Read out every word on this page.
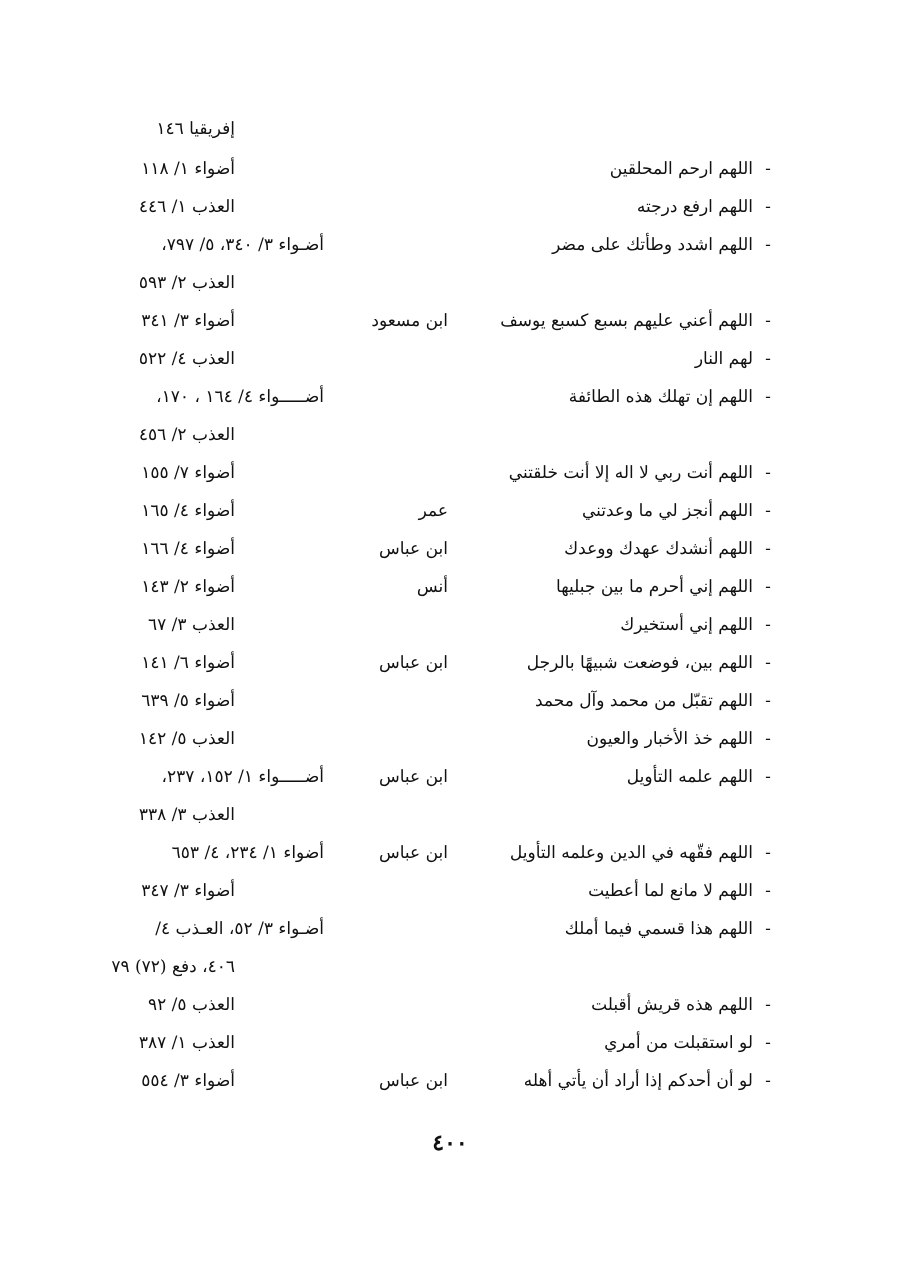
إفريقيا ١٤٦
-
اللهم ارحم المحلقين
أضواء ١/ ١١٨
-
اللهم ارفع درجته
العذب ١/ ٤٤٦
-
اللهم اشدد وطأتك على مضر
أضـواء ٣/ ٣٤٠، ٥/ ٧٩٧،
العذب ٢/ ٥٩٣
-
اللهم أعني عليهم بسبع كسبع يوسف
ابن مسعود
أضواء ٣/ ٣٤١
-
لهم النار
العذب ٤/ ٥٢٢
-
اللهم إن تهلك هذه الطائفة
أضـــــواء ٤/ ١٦٤ ، ١٧٠،
العذب ٢/ ٤٥٦
-
اللهم أنت ربي لا اله إلا أنت خلقتني
أضواء ٧/ ١٥٥
-
اللهم أنجز لي ما وعدتني
عمر
أضواء ٤/ ١٦٥
-
اللهم أنشدك عهدك ووعدك
ابن عباس
أضواء ٤/ ١٦٦
-
اللهم إني أحرم ما بين جبليها
أنس
أضواء ٢/ ١٤٣
-
اللهم إني أستخيرك
العذب ٣/ ٦٧
-
اللهم بين، فوضعت شبيهًا بالرجل
ابن عباس
أضواء ٦/ ١٤١
-
اللهم تقبّل من محمد وآل محمد
أضواء ٥/ ٦٣٩
-
اللهم خذ الأخبار والعيون
العذب ٥/ ١٤٢
-
اللهم علمه التأويل
ابن عباس
أضـــــواء ١/ ١٥٢، ٢٣٧،
العذب ٣/ ٣٣٨
-
اللهم فقّهه في الدين وعلمه التأويل
ابن عباس
أضواء ١/ ٢٣٤، ٤/ ٦٥٣
-
اللهم لا مانع لما أعطيت
أضواء ٣/ ٣٤٧
-
اللهم هذا قسمي فيما أملك
أضـواء ٣/ ٥٢، العـذب ٤/
٤٠٦، دفع (٧٢) ٧٩
-
اللهم هذه قريش أقبلت
العذب ٥/ ٩٢
-
لو استقبلت من أمري
العذب ١/ ٣٨٧
-
لو أن أحدكم إذا أراد أن يأتي أهله
ابن عباس
أضواء ٣/ ٥٥٤
٤٠٠
